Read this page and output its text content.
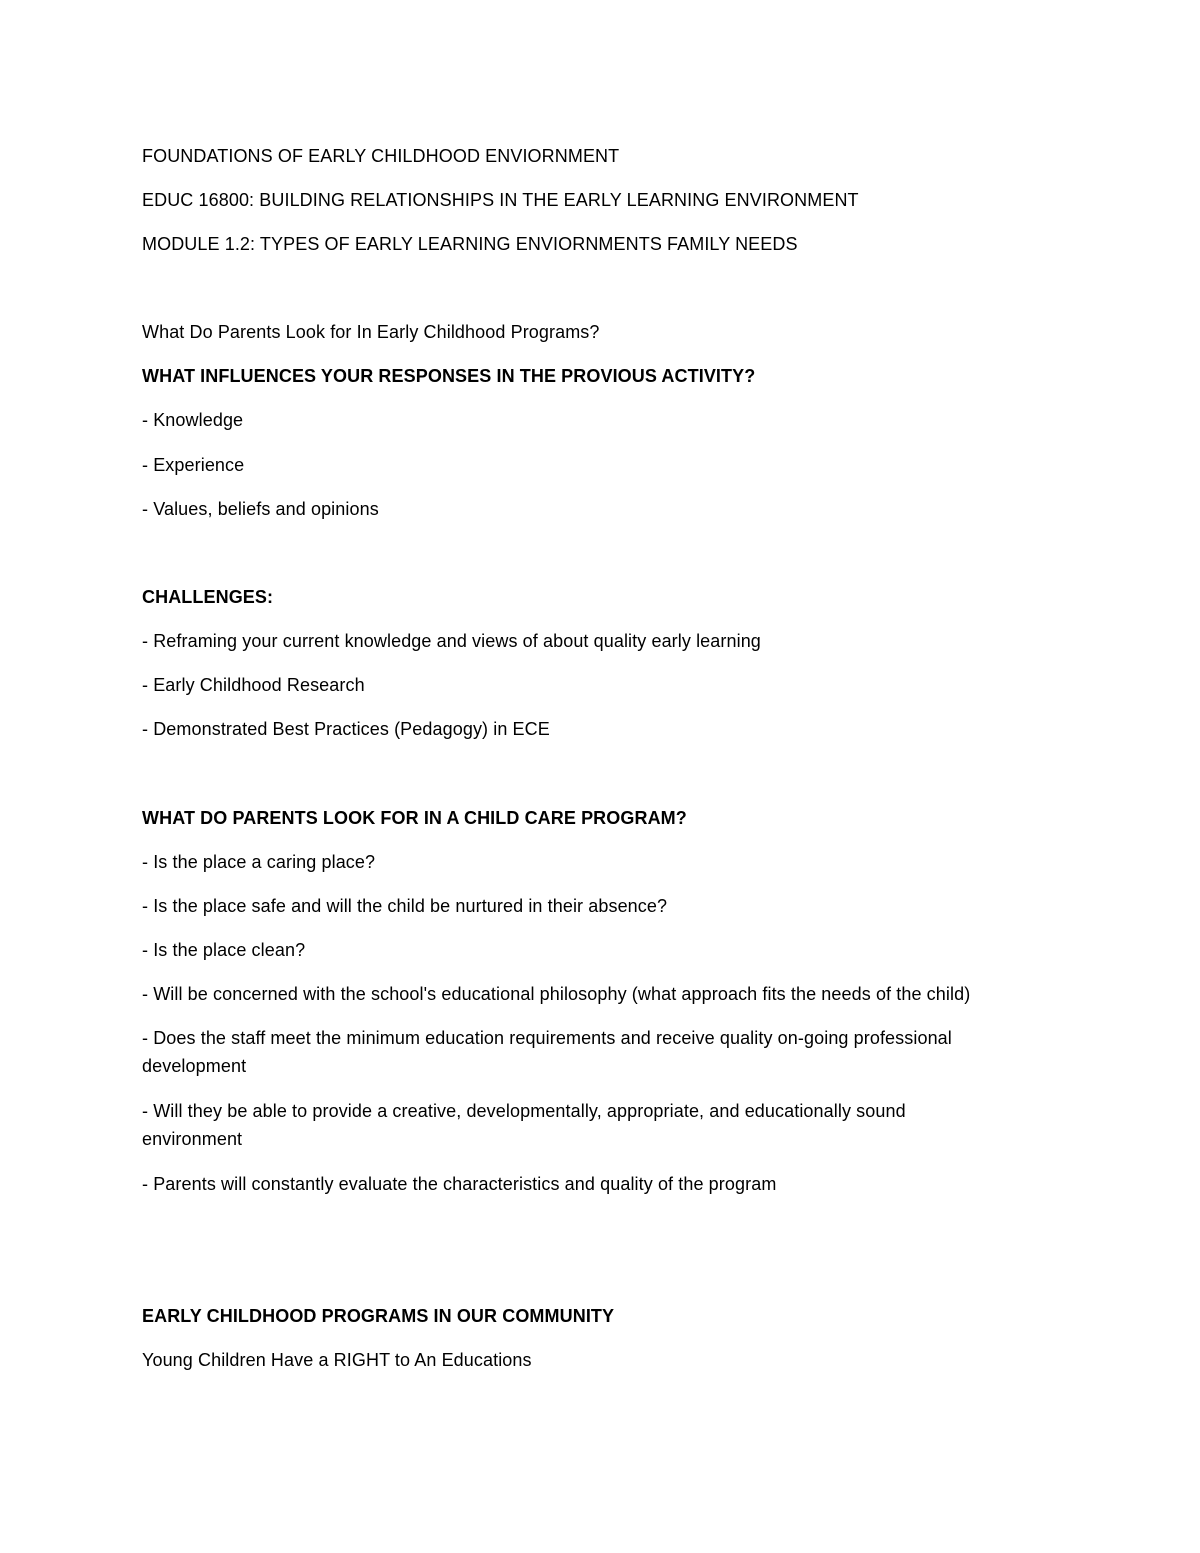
FOUNDATIONS OF EARLY CHILDHOOD ENVIORNMENT
EDUC 16800: BUILDING RELATIONSHIPS IN THE EARLY LEARNING ENVIRONMENT
MODULE 1.2: TYPES OF EARLY LEARNING ENVIORNMENTS FAMILY NEEDS
What Do Parents Look for In Early Childhood Programs?
WHAT INFLUENCES YOUR RESPONSES IN THE PROVIOUS ACTIVITY?
- Knowledge
- Experience
- Values, beliefs and opinions
CHALLENGES:
- Reframing your current knowledge and views of about quality early learning
- Early Childhood Research
- Demonstrated Best Practices (Pedagogy) in ECE
WHAT DO PARENTS LOOK FOR IN A CHILD CARE PROGRAM?
- Is the place a caring place?
- Is the place safe and will the child be nurtured in their absence?
- Is the place clean?
- Will be concerned with the school's educational philosophy (what approach fits the needs of the child)
- Does the staff meet the minimum education requirements and receive quality on-going professional development
- Will they be able to provide a creative, developmentally, appropriate, and educationally sound environment
- Parents will constantly evaluate the characteristics and quality of the program
EARLY CHILDHOOD PROGRAMS IN OUR COMMUNITY
Young Children Have a RIGHT to An Educations
